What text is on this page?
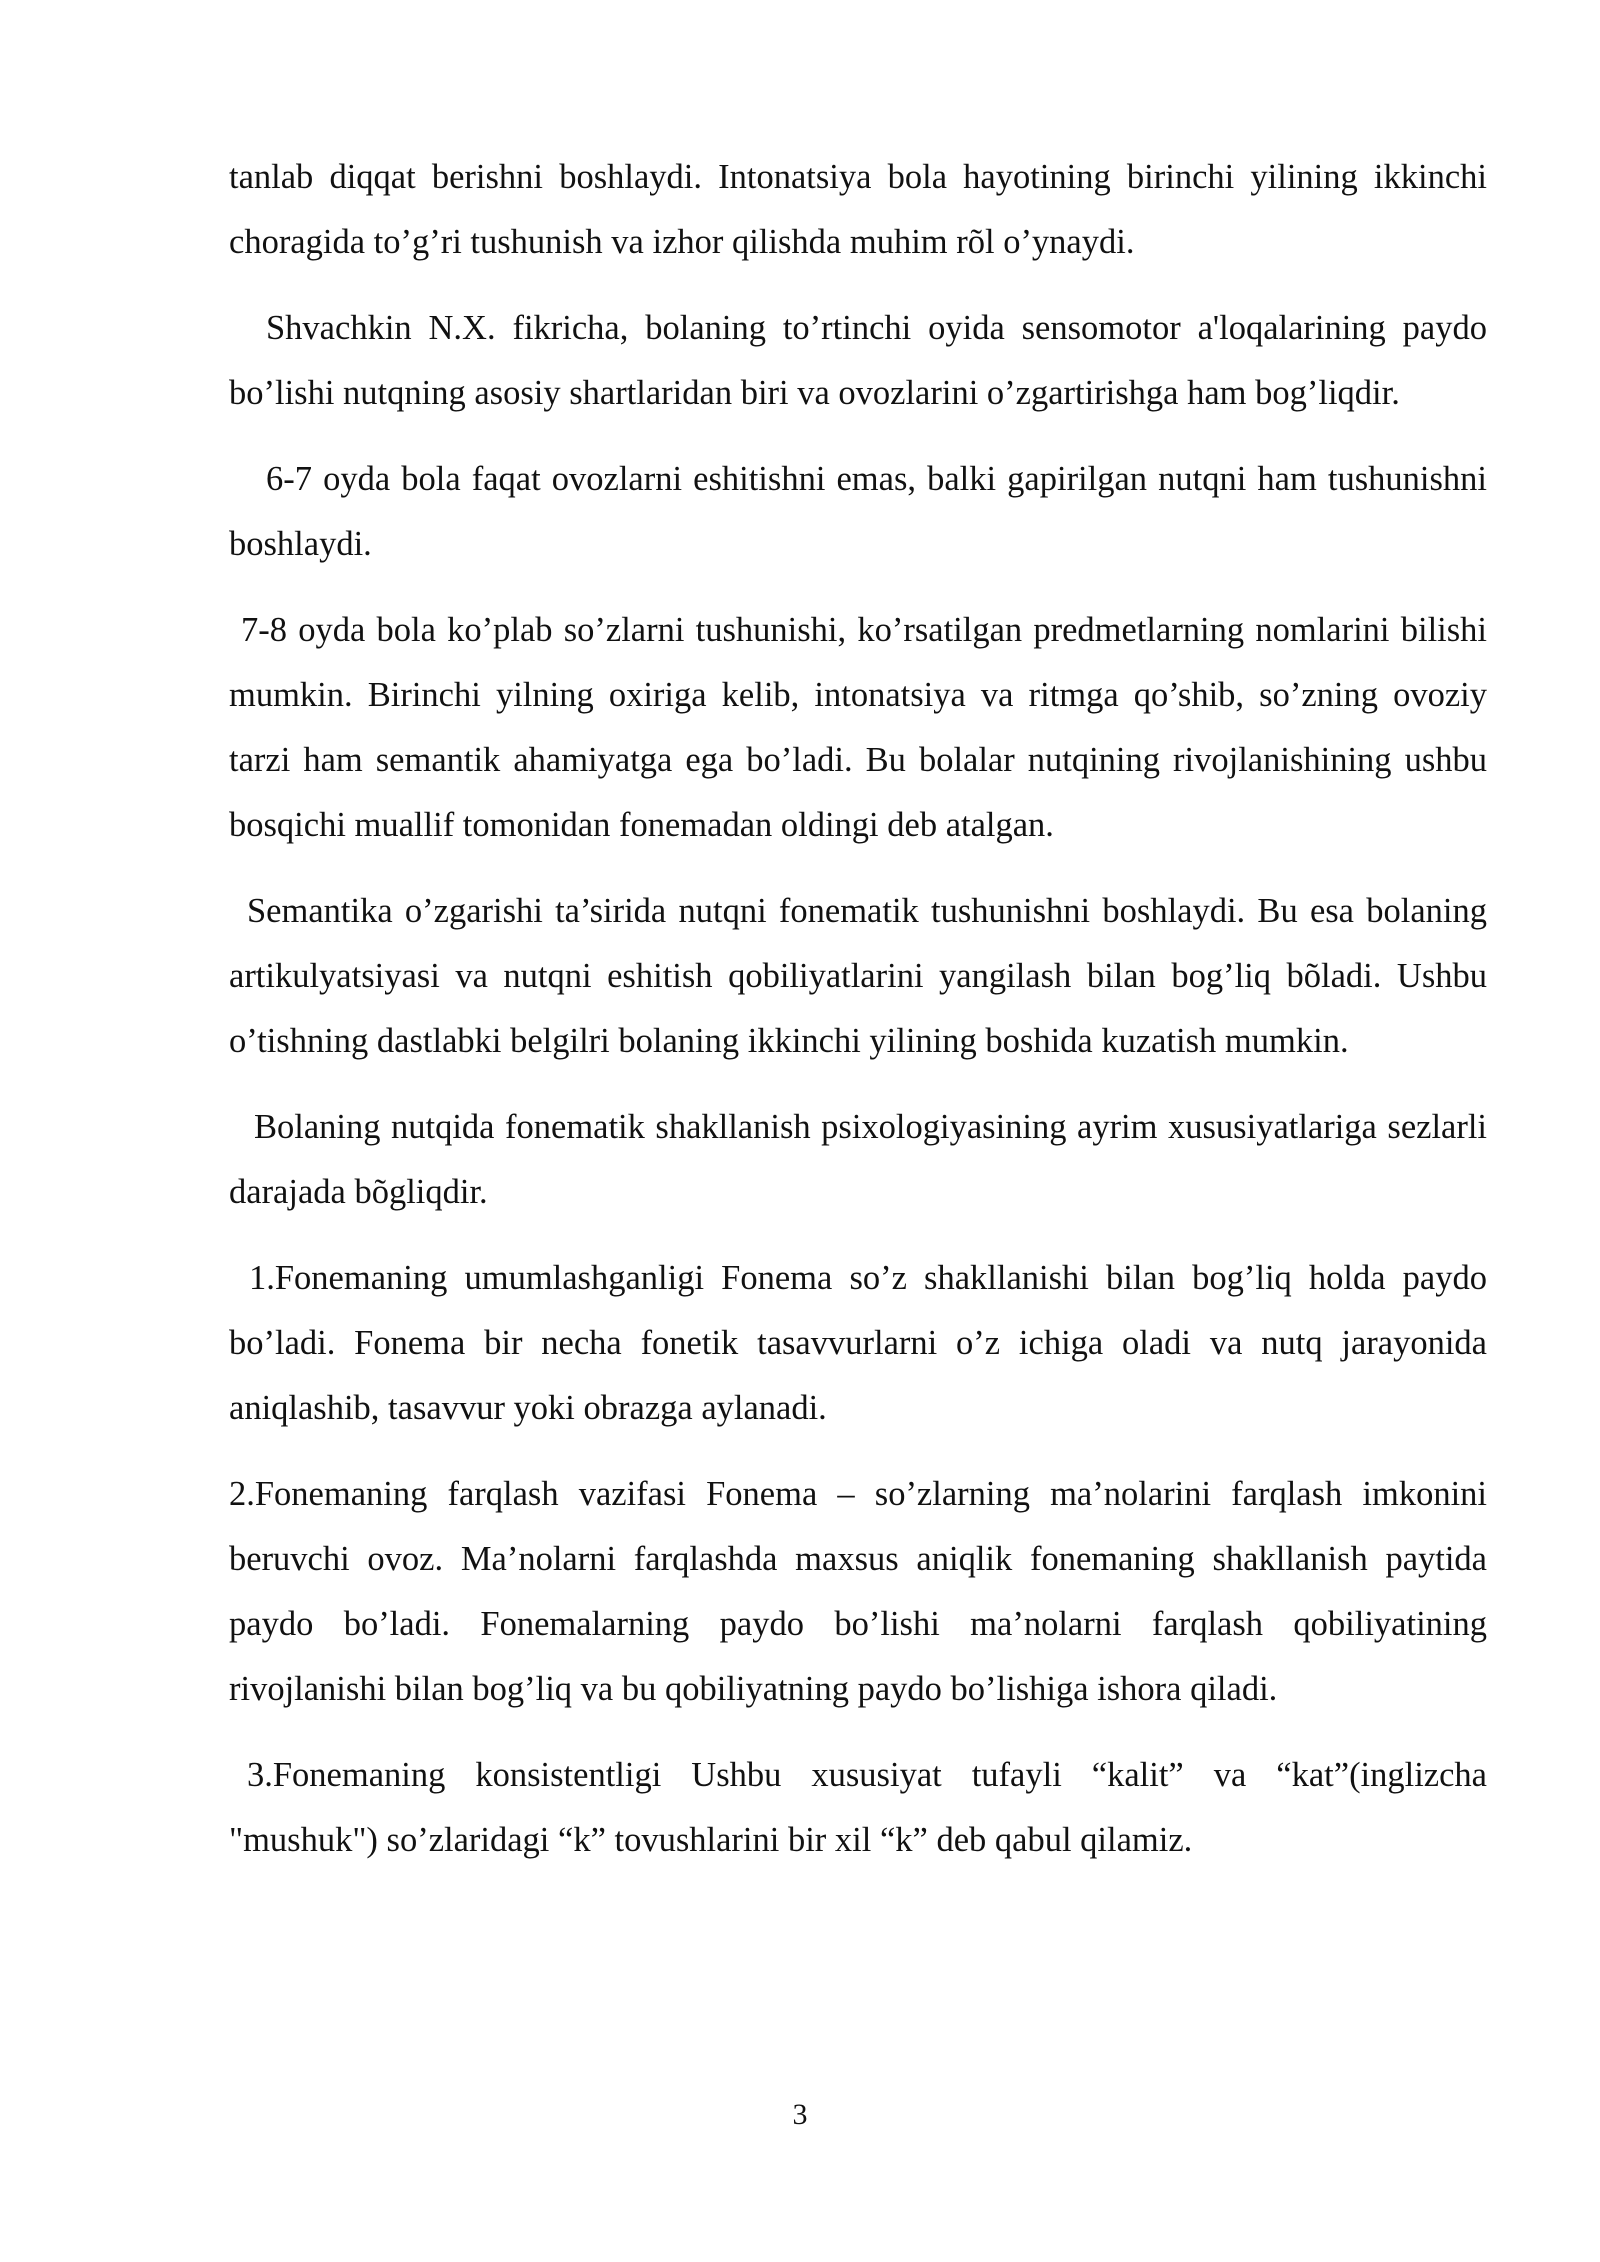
tanlab diqqat berishni boshlaydi. Intonatsiya bola hayotining birinchi yilining ikkinchi choragida to’g’ri tushunish va izhor qilishda muhim rõl o’ynaydi.

Shvachkin N.X. fikricha, bolaning to’rtinchi oyida sensomotor a'loqalarining paydo bo’lishi nutqning asosiy shartlaridan biri va ovozlarini o’zgartirishga ham bog’liqdir.

6-7 oyda bola faqat ovozlarni eshitishni emas, balki gapirilgan nutqni ham tushunishni boshlaydi.

7-8 oyda bola ko’plab so’zlarni tushunishi, ko’rsatilgan predmetlarning nomlarini bilishi mumkin. Birinchi yilning oxiriga kelib, intonatsiya va ritmga qo’shib, so’zning ovoziy tarzi ham semantik ahamiyatga ega bo’ladi. Bu bolalar nutqining rivojlanishining ushbu bosqichi muallif tomonidan fonemadan oldingi deb atalgan.

Semantika o’zgarishi ta’sirida nutqni fonematik tushunishni boshlaydi. Bu esa bolaning artikulyatsiyasi va nutqni eshitish qobiliyatlarini yangilash bilan bog’liq bõladi. Ushbu o’tishning dastlabki belgilri bolaning ikkinchi yilining boshida kuzatish mumkin.

Bolaning nutqida fonematik shakllanish psixologiyasining ayrim xususiyatlariga sezlarli darajada bõgliqdir.

1.Fonemaning umumlashganligi Fonema so’z shakllanishi bilan bog’liq holda paydo bo’ladi. Fonema bir necha fonetik tasavvurlarni o’z ichiga oladi va nutq jarayonida aniqlashib, tasavvur yoki obrazga aylanadi.

2.Fonemaning farqlash vazifasi Fonema – so’zlarning ma’nolarini farqlash imkonini beruvchi ovoz. Ma’nolarni farqlashda maxsus aniqlik fonemaning shakllanish paytida paydo bo’ladi. Fonemalarning paydo bo’lishi ma’nolarni farqlash qobiliyatining rivojlanishi bilan bog’liq va bu qobiliyatning paydo bo’lishiga ishora qiladi.

3.Fonemaning konsistentligi Ushbu xususiyat tufayli “kalit” va “kat”(inglizcha "mushuk") so’zlaridagi “k” tovushlarini bir xil “k” deb qabul qilamiz.

3
